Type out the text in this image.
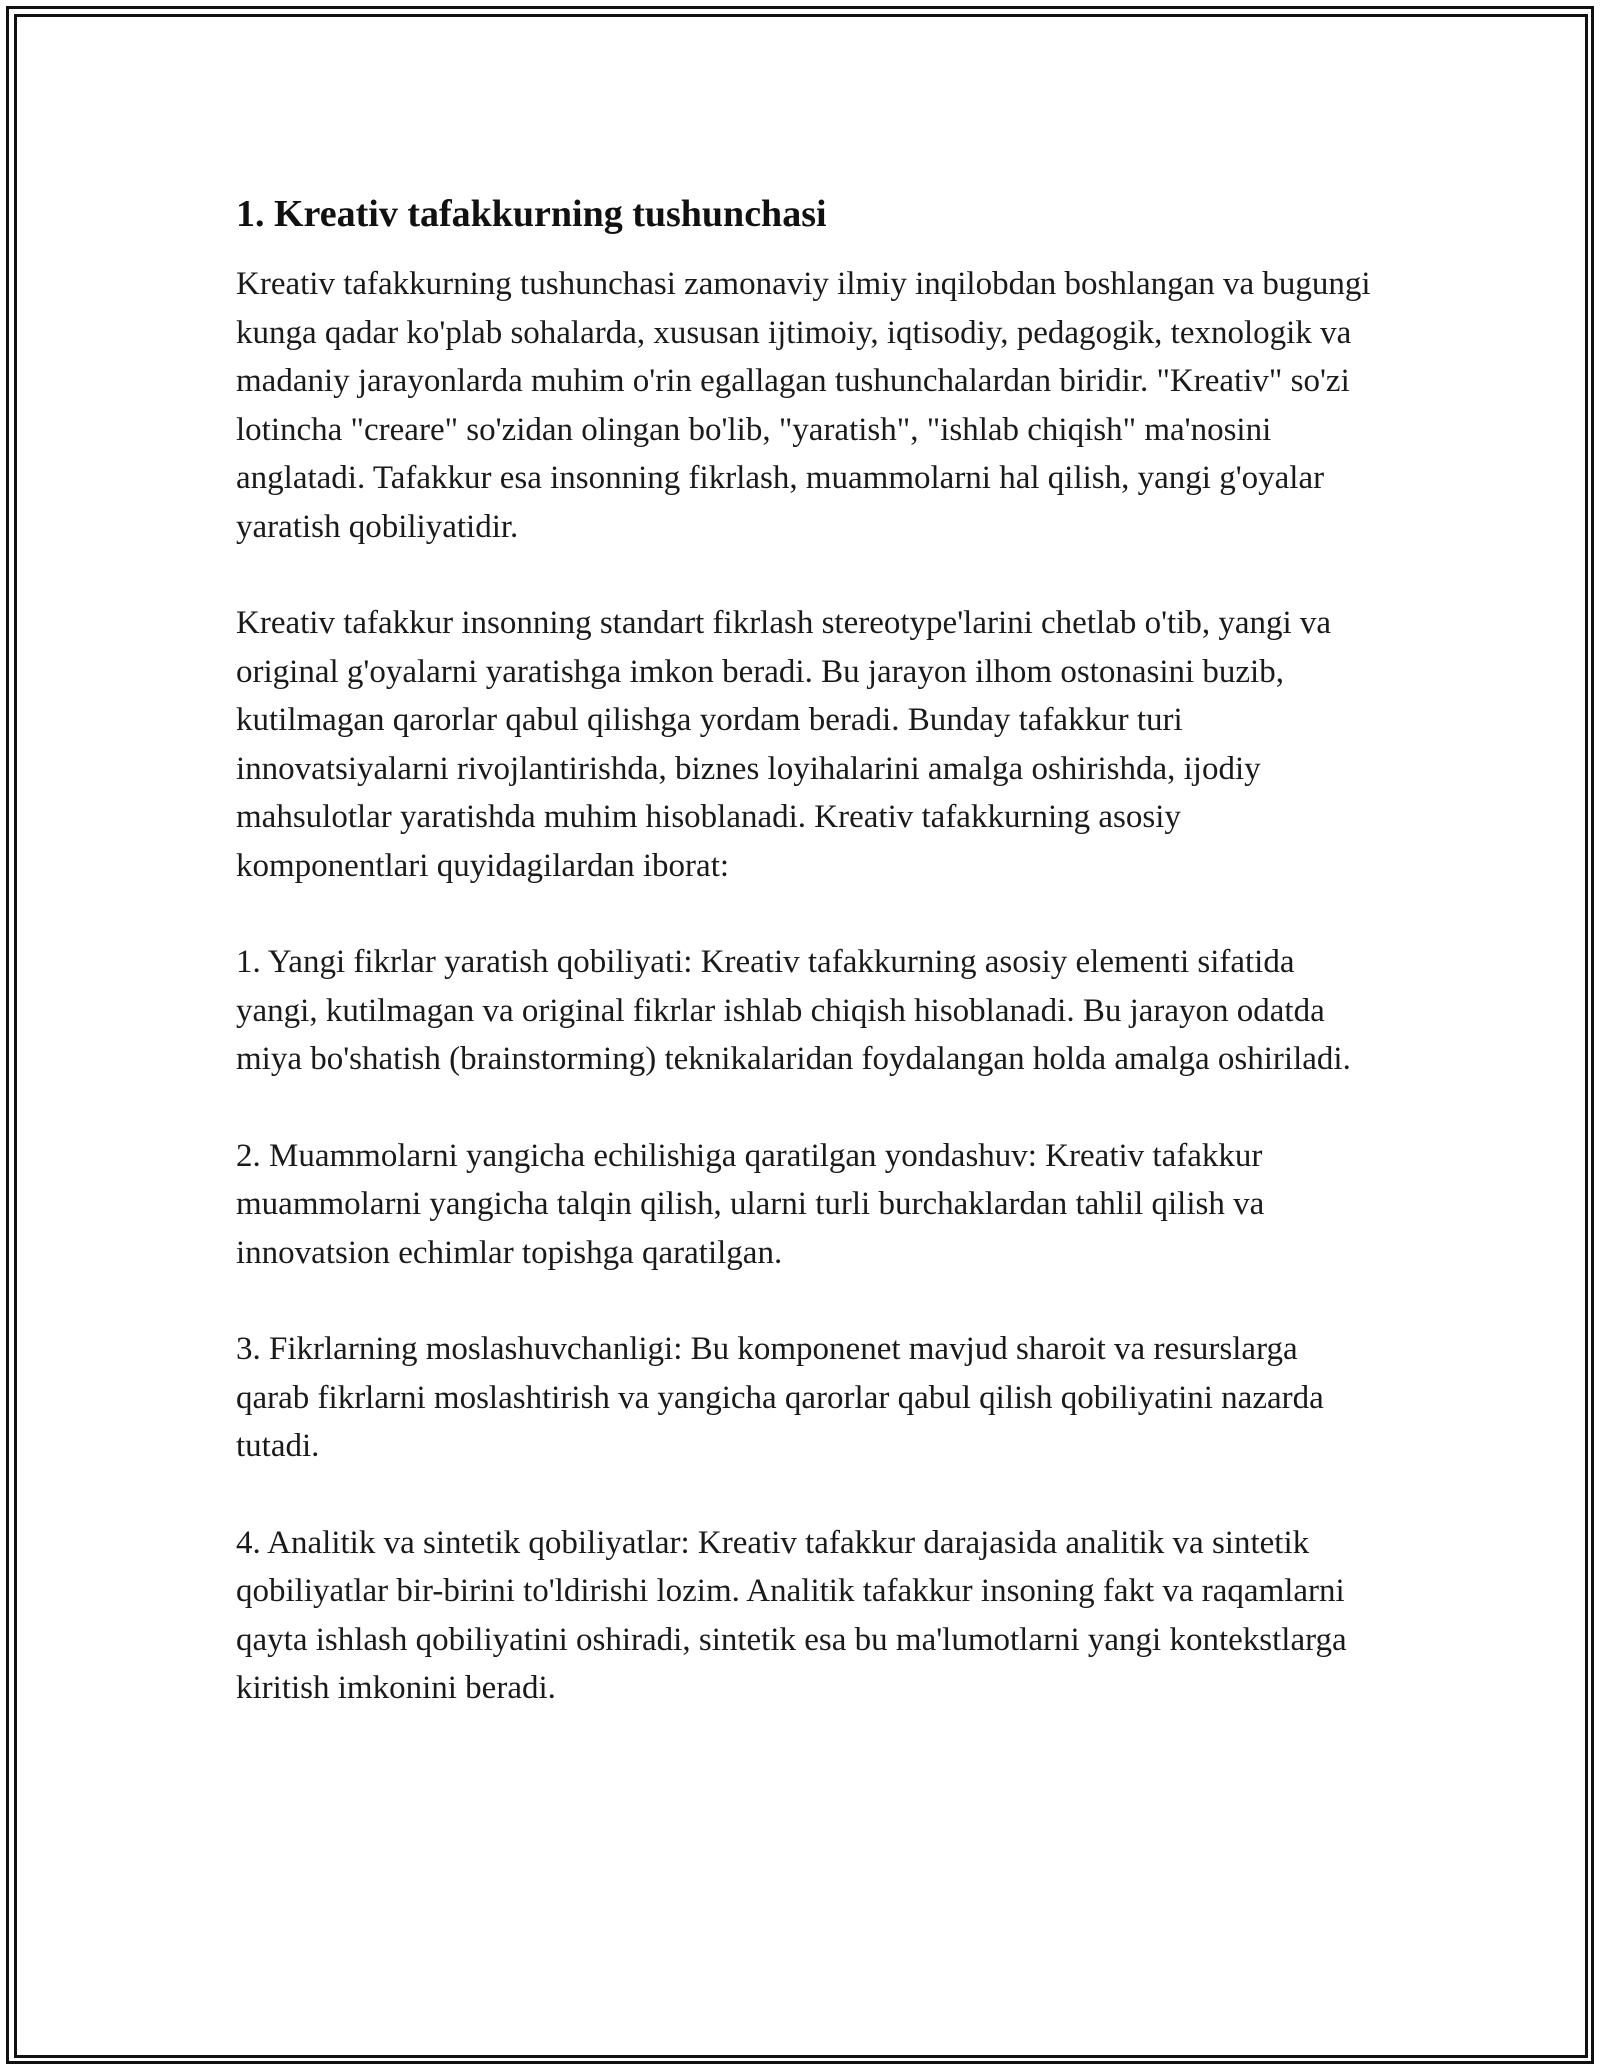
1. Kreativ tafakkurning tushunchasi

Kreativ tafakkurning tushunchasi zamonaviy ilmiy inqilobdan boshlangan va bugungi kunga qadar ko'plab sohalarda, xususan ijtimoiy, iqtisodiy, pedagogik, texnologik va madaniy jarayonlarda muhim o'rin egallagan tushunchalardan biridir. "Kreativ" so'zi lotincha "creare" so'zidan olingan bo'lib, "yaratish", "ishlab chiqish" ma'nosini anglatadi. Tafakkur esa insonning fikrlash, muammolarni hal qilish, yangi g'oyalar yaratish qobiliyatidir.

Kreativ tafakkur insonning standart fikrlash stereotype'larini chetlab o'tib, yangi va original g'oyalarni yaratishga imkon beradi. Bu jarayon ilhom ostonasini buzib, kutilmagan qarorlar qabul qilishga yordam beradi. Bunday tafakkur turi innovatsiyalarni rivojlantirishda, biznes loyihalarini amalga oshirishda, ijodiy mahsulotlar yaratishda muhim hisoblanadi. Kreativ tafakkurning asosiy komponentlari quyidagilardan iborat:

1. Yangi fikrlar yaratish qobiliyati: Kreativ tafakkurning asosiy elementi sifatida yangi, kutilmagan va original fikrlar ishlab chiqish hisoblanadi. Bu jarayon odatda miya bo'shatish (brainstorming) teknikalaridan foydalangan holda amalga oshiriladi.

2. Muammolarni yangicha echilishiga qaratilgan yondashuv: Kreativ tafakkur muammolarni yangicha talqin qilish, ularni turli burchaklardan tahlil qilish va innovatsion echimlar topishga qaratilgan.

3. Fikrlarning moslashuvchanligi: Bu komponenet mavjud sharoit va resurslarga qarab fikrlarni moslashtirish va yangicha qarorlar qabul qilish qobiliyatini nazarda tutadi.

4. Analitik va sintetik qobiliyatlar: Kreativ tafakkur darajasida analitik va sintetik qobiliyatlar bir-birini to'ldirishi lozim. Analitik tafakkur insoning fakt va raqamlarni qayta ishlash qobiliyatini oshiradi, sintetik esa bu ma'lumotlarni yangi kontekstlarga kiritish imkonini beradi.
